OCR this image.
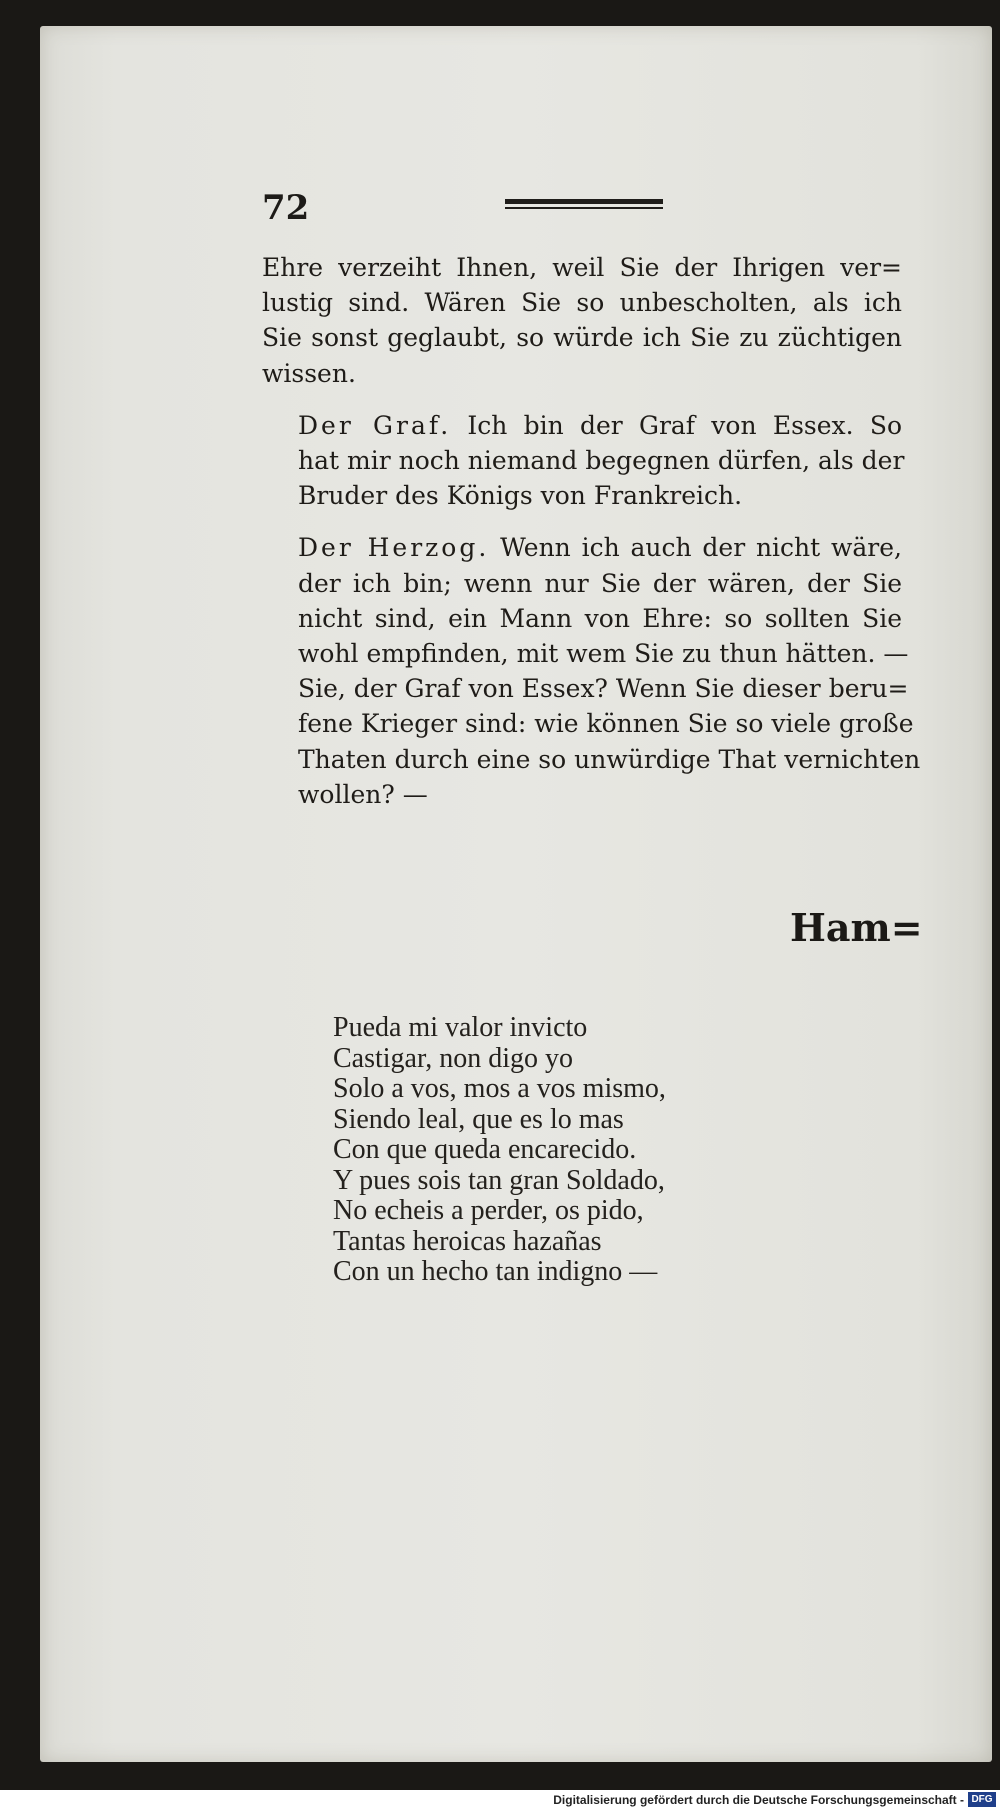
72

Ehre verzeiht Ihnen, weil Sie der Ihrigen ver=
lustig sind. Wären Sie so unbescholten, als ich
Sie sonst geglaubt, so würde ich Sie zu züchtigen
wissen.

Der Graf. Ich bin der Graf von Essex. So
hat mir noch niemand begegnen dürfen, als der
Bruder des Königs von Frankreich.

Der Herzog. Wenn ich auch der nicht wäre,
der ich bin; wenn nur Sie der wären, der Sie
nicht sind, ein Mann von Ehre: so sollten Sie
wohl empfinden, mit wem Sie zu thun hätten. —
Sie, der Graf von Essex? Wenn Sie dieser beru=
fene Krieger sind: wie können Sie so viele große
Thaten durch eine so unwürdige That vernichten
wollen? —

Ham=
Pueda mi valor invicto
Castigar, non digo yo
Solo a vos, mos a vos mismo,
Siendo leal, que es lo mas
Con que queda encarecido.
Y pues sois tan gran Soldado,
No echeis a perder, os pido,
Tantas heroicas hazañas
Con un hecho tan indigno —
Digitalisierung gefördert durch die Deutsche Forschungsgemeinschaft - DFG
